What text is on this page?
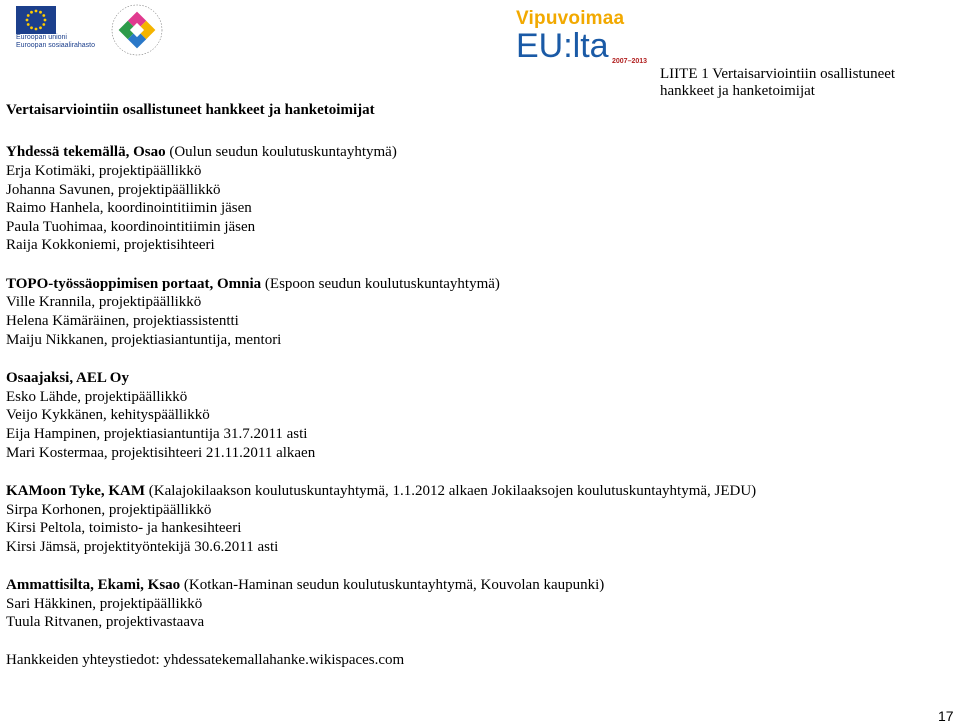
Euroopan unioni
Euroopan sosiaalirahasto
Vipuvoimaa
EU:lta 2007–2013
LIITE 1 Vertaisarviointiin osallistuneet hankkeet ja hanketoimijat
Vertaisarviointiin osallistuneet hankkeet ja hanketoimijat
Yhdessä tekemällä, Osao (Oulun seudun koulutuskuntayhtymä)
Erja Kotimäki, projektipäällikkö
Johanna Savunen, projektipäällikkö
Raimo Hanhela, koordinointitiimin jäsen
Paula Tuohimaa, koordinointitiimin jäsen
Raija Kokkoniemi, projektisihteeri
TOPO-työssäoppimisen portaat, Omnia (Espoon seudun koulutuskuntayhtymä)
Ville Krannila, projektipäällikkö
Helena Kämäräinen, projektiassistentti
Maiju Nikkanen, projektiasiantuntija, mentori
Osaajaksi, AEL Oy
Esko Lähde, projektipäällikkö
Veijo Kykkänen, kehityspäällikkö
Eija Hampinen, projektiasiantuntija 31.7.2011 asti
Mari Kostermaa, projektisihteeri 21.11.2011 alkaen
KAMoon Tyke, KAM (Kalajokilaakson koulutuskuntayhtymä, 1.1.2012 alkaen Jokilaaksojen koulutuskuntayhtymä, JEDU)
Sirpa Korhonen, projektipäällikkö
Kirsi Peltola, toimisto- ja hankesihteeri
Kirsi Jämsä, projektityöntekijä 30.6.2011 asti
Ammattisilta, Ekami, Ksao (Kotkan-Haminan seudun koulutuskuntayhtymä, Kouvolan kaupunki)
Sari Häkkinen, projektipäällikkö
Tuula Ritvanen, projektivastaava
Hankkeiden yhteystiedot: yhdessatekemallahanke.wikispaces.com
17
